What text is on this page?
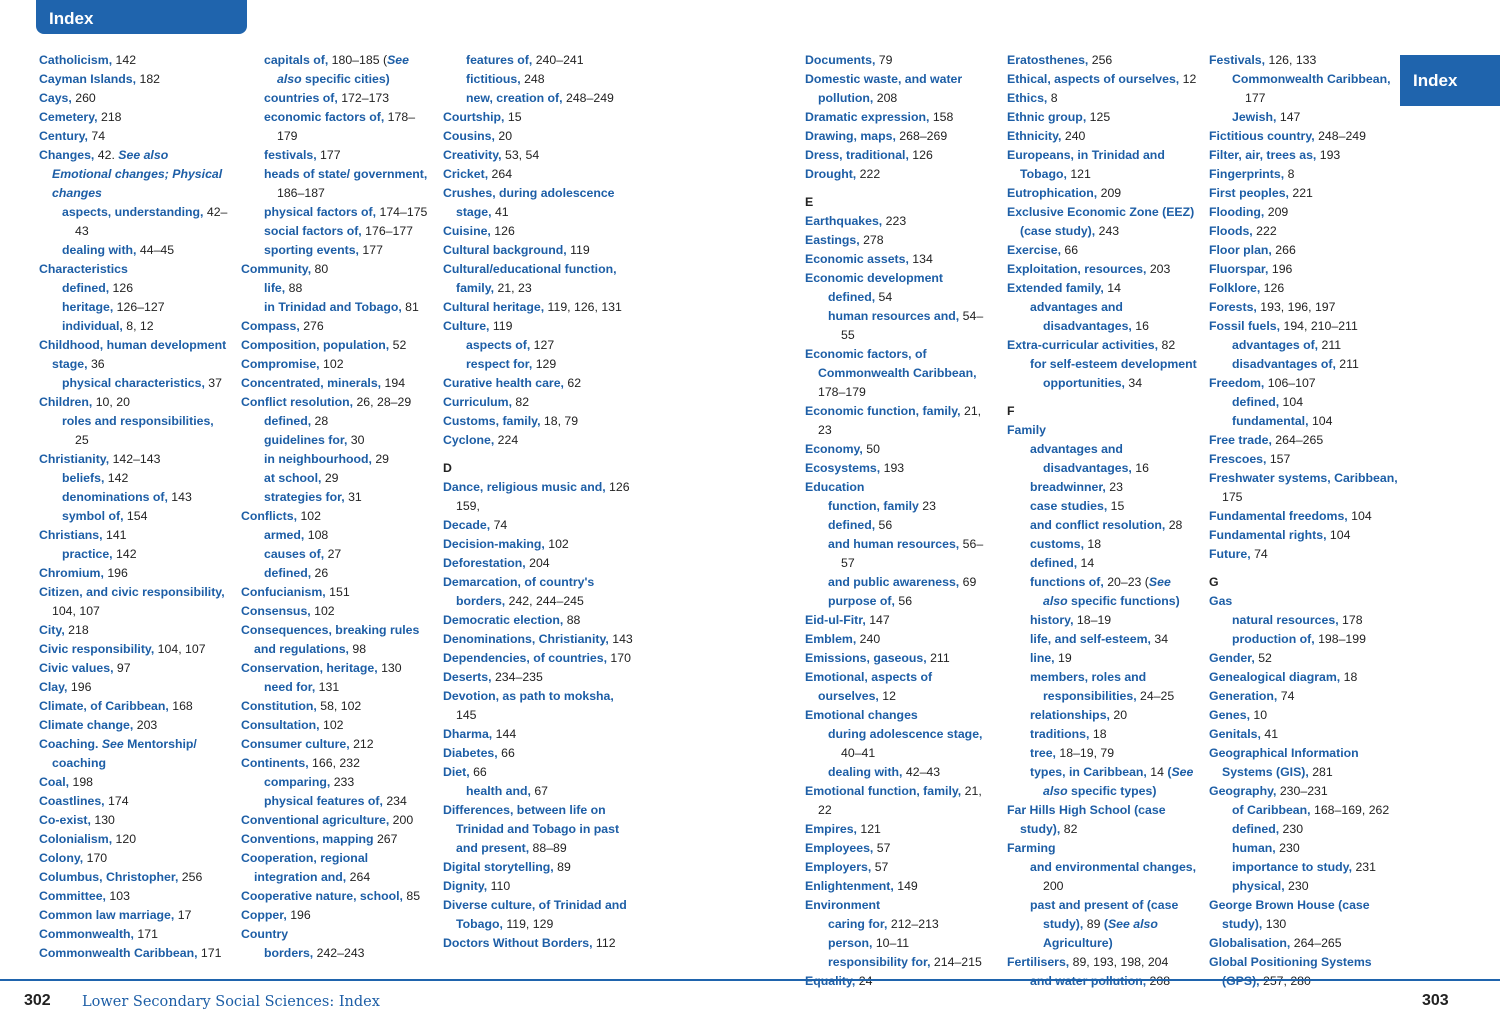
Index
Index
Catholicism, 142
Cayman Islands, 182
Cays, 260
Cemetery, 218
Century, 74
Changes, 42. See also Emotional changes; Physical changes
aspects, understanding, 42–43
dealing with, 44–45
Characteristics
defined, 126
heritage, 126–127
individual, 8, 12
Childhood, human development stage, 36
physical characteristics, 37
Children, 10, 20
roles and responsibilities, 25
Christianity, 142–143
beliefs, 142
denominations of, 143
symbol of, 154
Christians, 141
practice, 142
Chromium, 196
Citizen, and civic responsibility, 104, 107
City, 218
Civic responsibility, 104, 107
Civic values, 97
Clay, 196
Climate, of Caribbean, 168
Climate change, 203
Coaching. See Mentorship/ coaching
Coal, 198
Coastlines, 174
Co-exist, 130
Colonialism, 120
Colony, 170
Columbus, Christopher, 256
Committee, 103
Common law marriage, 17
Commonwealth, 171
Commonwealth Caribbean, 171
capitals of, 180–185 (See also specific cities)
countries of, 172–173
economic factors of, 178–179
festivals, 177
heads of state/ government, 186–187
physical factors of, 174–175
social factors of, 176–177
sporting events, 177
Community, 80
life, 88
in Trinidad and Tobago, 81
Compass, 276
Composition, population, 52
Compromise, 102
Concentrated, minerals, 194
Conflict resolution, 26, 28–29
defined, 28
guidelines for, 30
in neighbourhood, 29
at school, 29
strategies for, 31
Conflicts, 102
armed, 108
causes of, 27
defined, 26
Confucianism, 151
Consensus, 102
Consequences, breaking rules and regulations, 98
Conservation, heritage, 130
need for, 131
Constitution, 58, 102
Consultation, 102
Consumer culture, 212
Continents, 166, 232
comparing, 233
physical features of, 234
Conventional agriculture, 200
Conventions, mapping 267
Cooperation, regional integration and, 264
Cooperative nature, school, 85
Copper, 196
Country
borders, 242–243
features of, 240–241
fictitious, 248
new, creation of, 248–249
Courtship, 15
Cousins, 20
Creativity, 53, 54
Cricket, 264
Crushes, during adolescence stage, 41
Cuisine, 126
Cultural background, 119
Cultural/educational function, family, 21, 23
Cultural heritage, 119, 126, 131
Culture, 119
aspects of, 127
respect for, 129
Curative health care, 62
Curriculum, 82
Customs, family, 18, 79
Cyclone, 224
D
Dance, religious music and, 126 159,
Decade, 74
Decision-making, 102
Deforestation, 204
Demarcation, of country's borders, 242, 244–245
Democratic election, 88
Denominations, Christianity, 143
Dependencies, of countries, 170
Deserts, 234–235
Devotion, as path to moksha, 145
Dharma, 144
Diabetes, 66
Diet, 66
health and, 67
Differences, between life on Trinidad and Tobago in past and present, 88–89
Digital storytelling, 89
Dignity, 110
Diverse culture, of Trinidad and Tobago, 119, 129
Doctors Without Borders, 112
Documents, 79
Domestic waste, and water pollution, 208
Dramatic expression, 158
Drawing, maps, 268–269
Dress, traditional, 126
Drought, 222
E
Earthquakes, 223
Eastings, 278
Economic assets, 134
Economic development
defined, 54
human resources and, 54–55
Economic factors, of Commonwealth Caribbean, 178–179
Economic function, family, 21, 23
Economy, 50
Ecosystems, 193
Education
function, family 23
defined, 56
and human resources, 56–57
and public awareness, 69
purpose of, 56
Eid-ul-Fitr, 147
Emblem, 240
Emissions, gaseous, 211
Emotional, aspects of ourselves, 12
Emotional changes
during adolescence stage, 40–41
dealing with, 42–43
Emotional function, family, 21, 22
Empires, 121
Employees, 57
Employers, 57
Enlightenment, 149
Environment
caring for, 212–213
person, 10–11
responsibility for, 214–215
Equality, 24
Eratosthenes, 256
Ethical, aspects of ourselves, 12
Ethics, 8
Ethnic group, 125
Ethnicity, 240
Europeans, in Trinidad and Tobago, 121
Eutrophication, 209
Exclusive Economic Zone (EEZ) (case study), 243
Exercise, 66
Exploitation, resources, 203
Extended family, 14
advantages and disadvantages, 16
Extra-curricular activities, 82
for self-esteem development opportunities, 34
F
Family
advantages and disadvantages, 16
breadwinner, 23
case studies, 15
and conflict resolution, 28
customs, 18
defined, 14
functions of, 20–23 (See also specific functions)
history, 18–19
life, and self-esteem, 34
line, 19
members, roles and responsibilities, 24–25
relationships, 20
traditions, 18
tree, 18–19, 79
types, in Caribbean, 14 (See also specific types)
Far Hills High School (case study), 82
Farming
and environmental changes, 200
past and present of (case study), 89 (See also Agriculture)
Fertilisers, 89, 193, 198, 204
and water pollution, 208
Festivals, 126, 133
Commonwealth Caribbean, 177
Jewish, 147
Fictitious country, 248–249
Filter, air, trees as, 193
Fingerprints, 8
First peoples, 221
Flooding, 209
Floods, 222
Floor plan, 266
Fluorspar, 196
Folklore, 126
Forests, 193, 196, 197
Fossil fuels, 194, 210–211
advantages of, 211
disadvantages of, 211
Freedom, 106–107
defined, 104
fundamental, 104
Free trade, 264–265
Frescoes, 157
Freshwater systems, Caribbean, 175
Fundamental freedoms, 104
Fundamental rights, 104
Future, 74
G
Gas
natural resources, 178
production of, 198–199
Gender, 52
Genealogical diagram, 18
Generation, 74
Genes, 10
Genitals, 41
Geographical Information Systems (GIS), 281
Geography, 230–231
of Caribbean, 168–169, 262
defined, 230
human, 230
importance to study, 231
physical, 230
George Brown House (case study), 130
Globalisation, 264–265
Global Positioning Systems (GPS), 257, 280
302 Lower Secondary Social Sciences: Index	303
